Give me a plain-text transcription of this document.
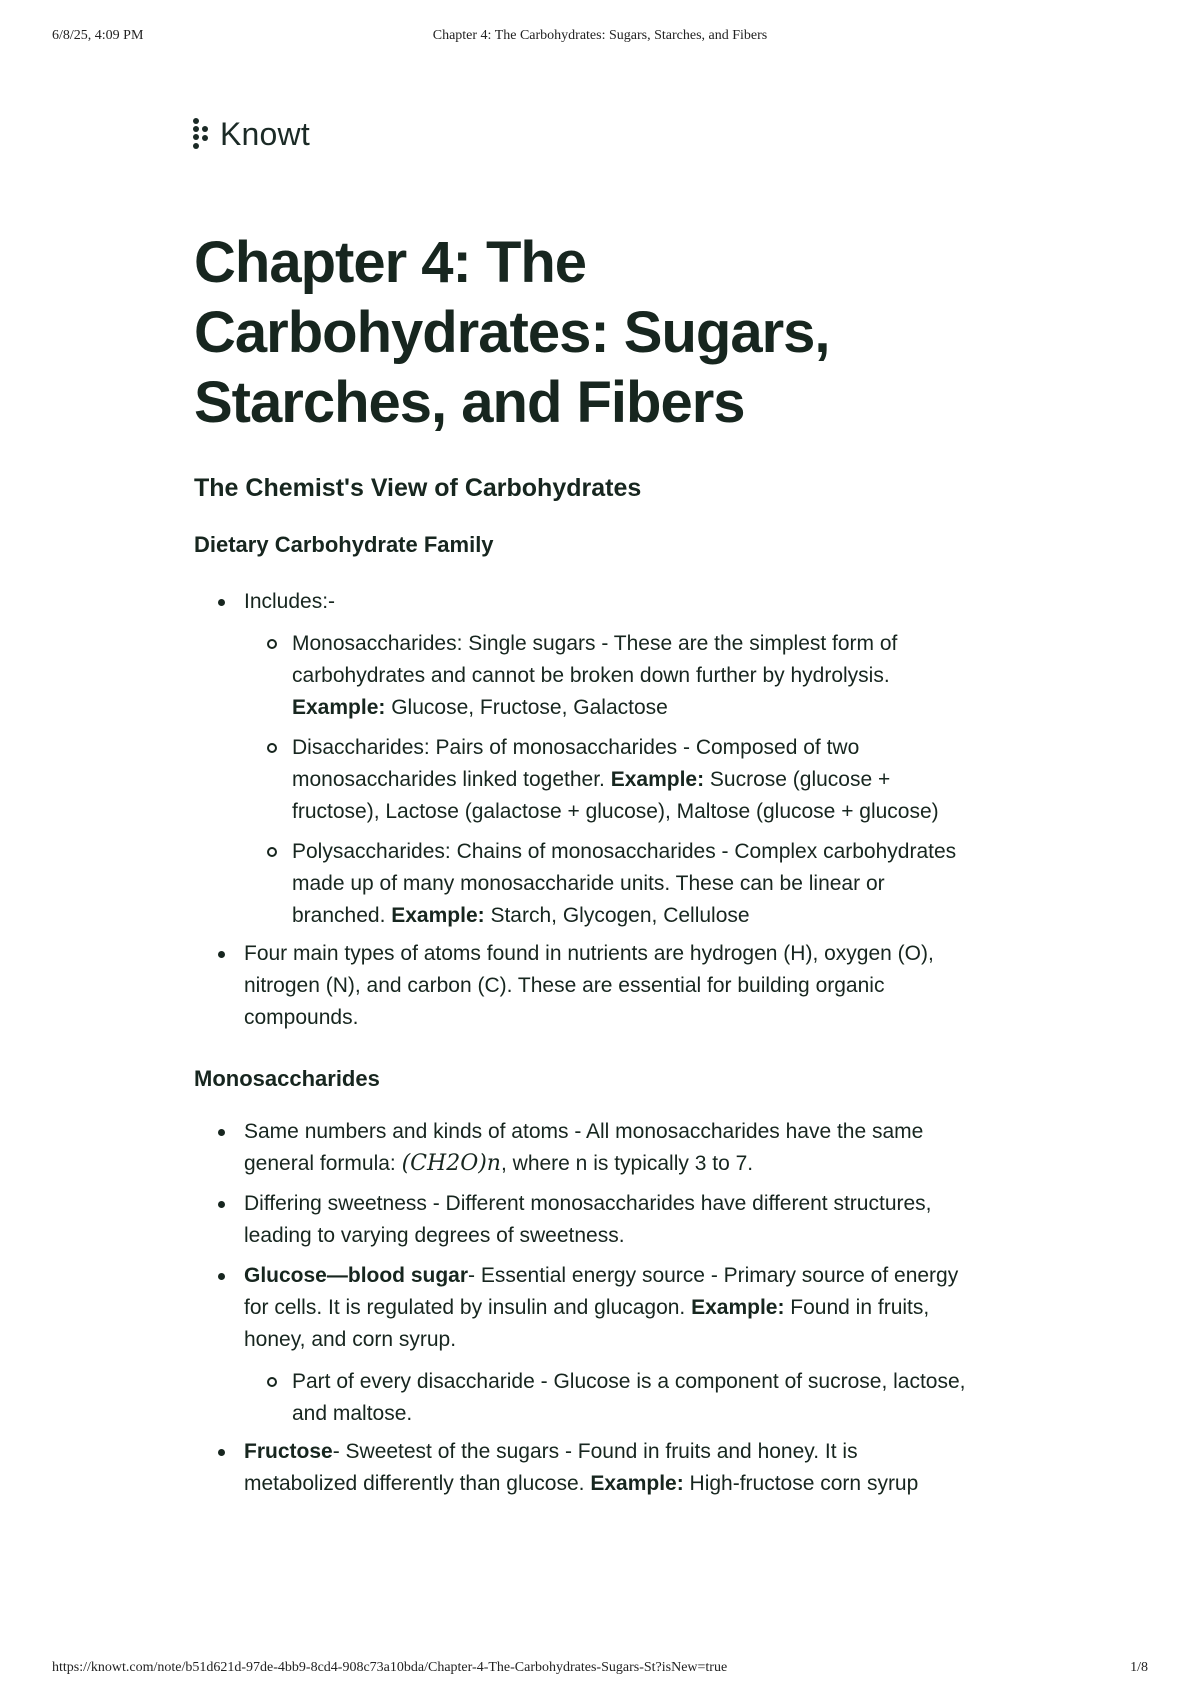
6/8/25, 4:09 PM	Chapter 4: The Carbohydrates: Sugars, Starches, and Fibers
Knowt
Chapter 4: The Carbohydrates: Sugars, Starches, and Fibers
The Chemist's View of Carbohydrates
Dietary Carbohydrate Family
Includes:-
Monosaccharides: Single sugars - These are the simplest form of carbohydrates and cannot be broken down further by hydrolysis. Example: Glucose, Fructose, Galactose
Disaccharides: Pairs of monosaccharides - Composed of two monosaccharides linked together. Example: Sucrose (glucose + fructose), Lactose (galactose + glucose), Maltose (glucose + glucose)
Polysaccharides: Chains of monosaccharides - Complex carbohydrates made up of many monosaccharide units. These can be linear or branched. Example: Starch, Glycogen, Cellulose
Four main types of atoms found in nutrients are hydrogen (H), oxygen (O), nitrogen (N), and carbon (C). These are essential for building organic compounds.
Monosaccharides
Same numbers and kinds of atoms - All monosaccharides have the same general formula: (CH2O)n, where n is typically 3 to 7.
Differing sweetness - Different monosaccharides have different structures, leading to varying degrees of sweetness.
Glucose—blood sugar- Essential energy source - Primary source of energy for cells. It is regulated by insulin and glucagon. Example: Found in fruits, honey, and corn syrup.
Part of every disaccharide - Glucose is a component of sucrose, lactose, and maltose.
Fructose- Sweetest of the sugars - Found in fruits and honey. It is metabolized differently than glucose. Example: High-fructose corn syrup
https://knowt.com/note/b51d621d-97de-4bb9-8cd4-908c73a10bda/Chapter-4-The-Carbohydrates-Sugars-St?isNew=true	1/8
